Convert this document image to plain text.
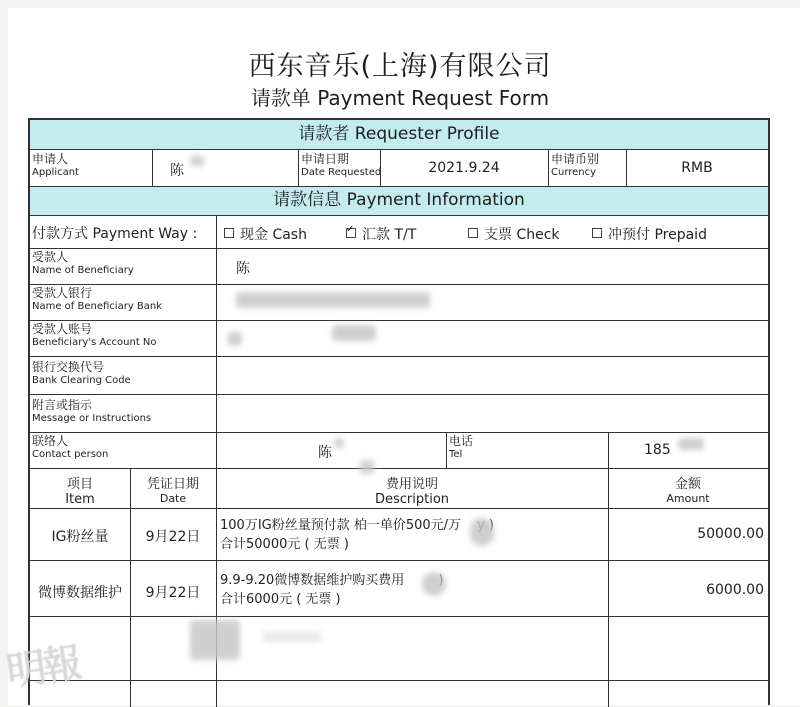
西东音乐(上海)有限公司
请款单 Payment Request Form
请款者 Requester Profile
申请人
Applicant	陈
申请日期
Date Requested	2021.9.24
申请币别
Currency	RMB
请款信息 Payment Information
付款方式 Payment Way :	现金 Cash
✓	汇款 T/T	支票 Check	冲预付 Prepaid
受款人
Name of Beneficiary	陈
受款人银行
Name of Beneficiary Bank
受款人账号
Beneficiary's Account No
银行交换代号
Bank Clearing Code
附言或指示
Message or Instructions
联络人
Contact person	陈
电话
Tel	185
项目
Item
凭证日期
Date
费用说明
Description
金额
Amount
IG粉丝量	9月22日
100万IG粉丝量预付款 柏一单价500元/万
合计50000元 ( 无票 )
50000.00
微博数据维护	9月22日
9.9-9.20微博数据维护购买费用
合计6000元 ( 无票 )
6000.00
明報
